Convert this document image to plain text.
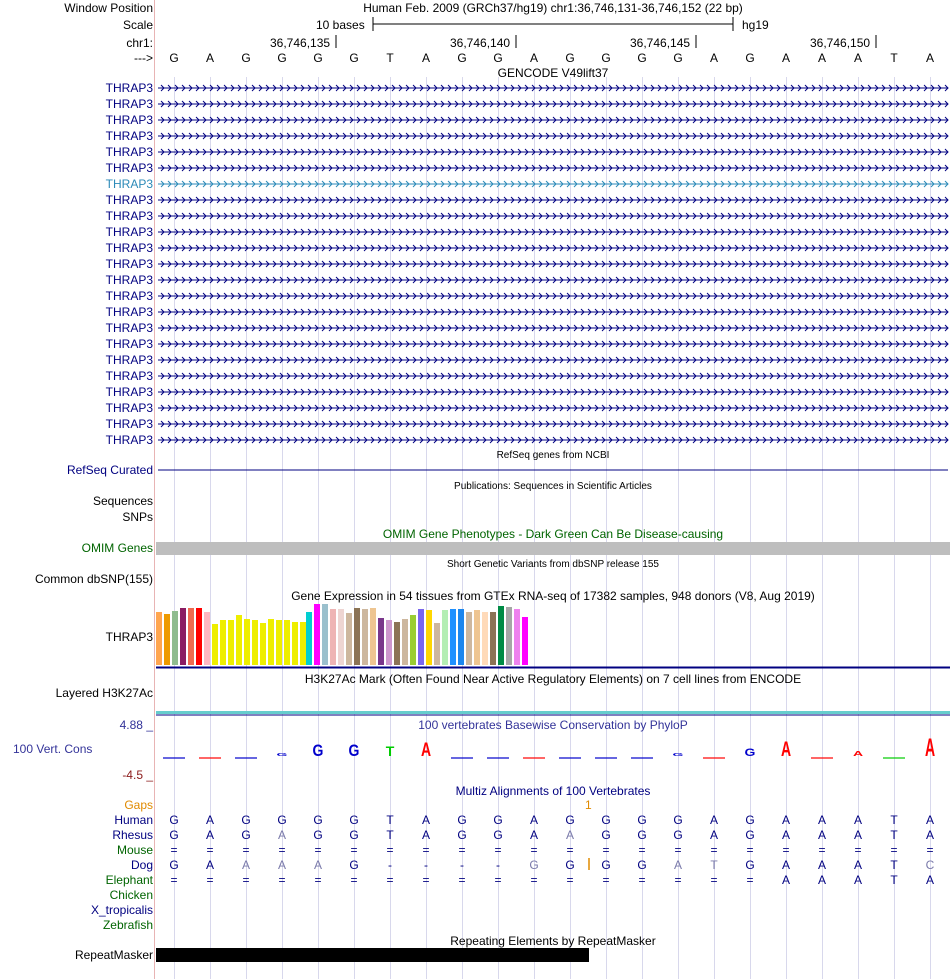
G G G T A	G	G A	A	A
Window Position	Human Feb. 2009 (GRCh37/hg19) chr1:36,746,131-36,746,152 (22 bp)
Scale	10 bases	hg19
chr1:	36,746,135	36,746,140	36,746,145	36,746,150
--->	G	A	G	G	G	G	T	A	G	G	A	G	G	G	G	A	G	A	A	A	T	A
GENCODE V49lift37
THRAP3
THRAP3
THRAP3
THRAP3
THRAP3
THRAP3
THRAP3
THRAP3
THRAP3
THRAP3
THRAP3
THRAP3
THRAP3
THRAP3
THRAP3
THRAP3
THRAP3
THRAP3
THRAP3
THRAP3
THRAP3
THRAP3
THRAP3
RefSeq genes from NCBI
RefSeq Curated
Publications: Sequences in Scientific Articles
Sequences
SNPs
OMIM Gene Phenotypes - Dark Green Can Be Disease-causing
OMIM Genes
Short Genetic Variants from dbSNP release 155
Common dbSNP(155)
Gene Expression in 54 tissues from GTEx RNA-seq of 17382 samples, 948 donors (V8, Aug 2019)
THRAP3
H3K27Ac Mark (Often Found Near Active Regulatory Elements) on 7 cell lines from ENCODE
Layered H3K27Ac
100 vertebrates Basewise Conservation by PhyloP
4.88 _
100 Vert. Cons
-4.5 _
Multiz Alignments of 100 Vertebrates
Gaps	1
Human	G	A	G	G	G	G	T	A	G	G	A	G	G	G	G	A	G	A	A	A	T	A
Rhesus	G	A	G	A	G	G	T	A	G	G	A	A	G	G	G	A	G	A	A	A	T	A
Mouse	=	=	=	=	=	=	=	=	=	=	=	=	=	=	=	=	=	=	=	=	=	=
Dog	G	A	A	A	A	G	-	-	-	-	G	G	G	G	A	T	G	A	A	A	T	C
Elephant	=	=	=	=	=	=	=	=	=	=	=	=	=	=	=	=	=	A	A	A	T	A
Chicken
X_tropicalis
Zebrafish
Repeating Elements by RepeatMasker
RepeatMasker
